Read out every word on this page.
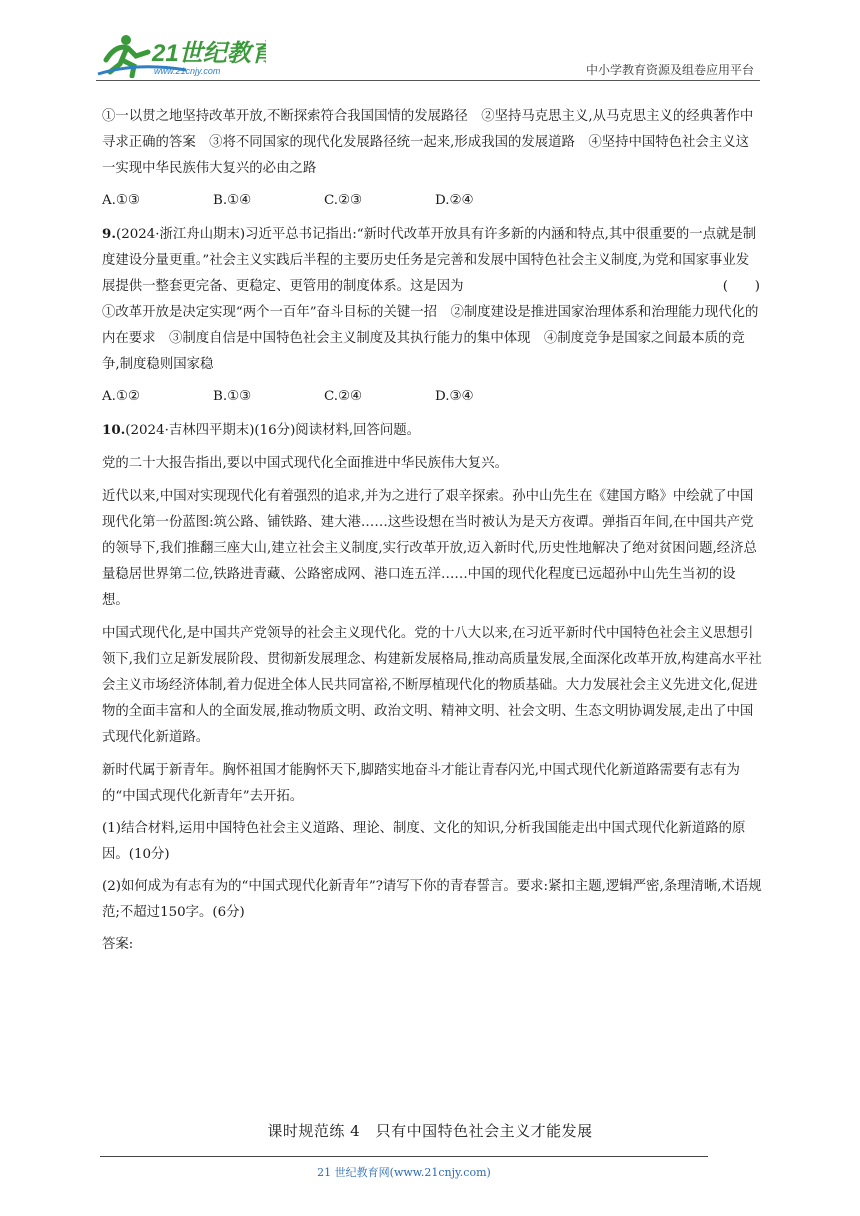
21世纪教育
www.21cnjy.com	中小学教育资源及组卷应用平台

①一以贯之地坚持改革开放,不断探索符合我国国情的发展路径　②坚持马克思主义,从马克思主义的经典著作中寻求正确的答案　③将不同国家的现代化发展路径统一起来,形成我国的发展道路　④坚持中国特色社会主义这一实现中华民族伟大复兴的必由之路

A.①③	B.①④	C.②③	D.②④

9.(2024·浙江舟山期末)习近平总书记指出:“新时代改革开放具有许多新的内涵和特点,其中很重要的一点就是制度建设分量更重。”社会主义实践后半程的主要历史任务是完善和发展中国特色社会主义制度,为党和国家事业发展提供一整套更完备、更稳定、更管用的制度体系。这是因为	(　　)

①改革开放是决定实现“两个一百年”奋斗目标的关键一招　②制度建设是推进国家治理体系和治理能力现代化的内在要求　③制度自信是中国特色社会主义制度及其执行能力的集中体现　④制度竞争是国家之间最本质的竞争,制度稳则国家稳

A.①②	B.①③	C.②④	D.③④

10.(2024·吉林四平期末)(16分)阅读材料,回答问题。

党的二十大报告指出,要以中国式现代化全面推进中华民族伟大复兴。

近代以来,中国对实现现代化有着强烈的追求,并为之进行了艰辛探索。孙中山先生在《建国方略》中绘就了中国现代化第一份蓝图:筑公路、铺铁路、建大港……这些设想在当时被认为是天方夜谭。弹指百年间,在中国共产党的领导下,我们推翻三座大山,建立社会主义制度,实行改革开放,迈入新时代,历史性地解决了绝对贫困问题,经济总量稳居世界第二位,铁路进青藏、公路密成网、港口连五洋……中国的现代化程度已远超孙中山先生当初的设想。

中国式现代化,是中国共产党领导的社会主义现代化。党的十八大以来,在习近平新时代中国特色社会主义思想引领下,我们立足新发展阶段、贯彻新发展理念、构建新发展格局,推动高质量发展,全面深化改革开放,构建高水平社会主义市场经济体制,着力促进全体人民共同富裕,不断厚植现代化的物质基础。大力发展社会主义先进文化,促进物的全面丰富和人的全面发展,推动物质文明、政治文明、精神文明、社会文明、生态文明协调发展,走出了中国式现代化新道路。

新时代属于新青年。胸怀祖国才能胸怀天下,脚踏实地奋斗才能让青春闪光,中国式现代化新道路需要有志有为的“中国式现代化新青年”去开拓。

(1)结合材料,运用中国特色社会主义道路、理论、制度、文化的知识,分析我国能走出中国式现代化新道路的原因。(10分)

(2)如何成为有志有为的“中国式现代化新青年”?请写下你的青春誓言。要求:紧扣主题,逻辑严密,条理清晰,术语规范;不超过150字。(6分)

答案:

课时规范练 4　只有中国特色社会主义才能发展
21 世纪教育网(www.21cnjy.com)
